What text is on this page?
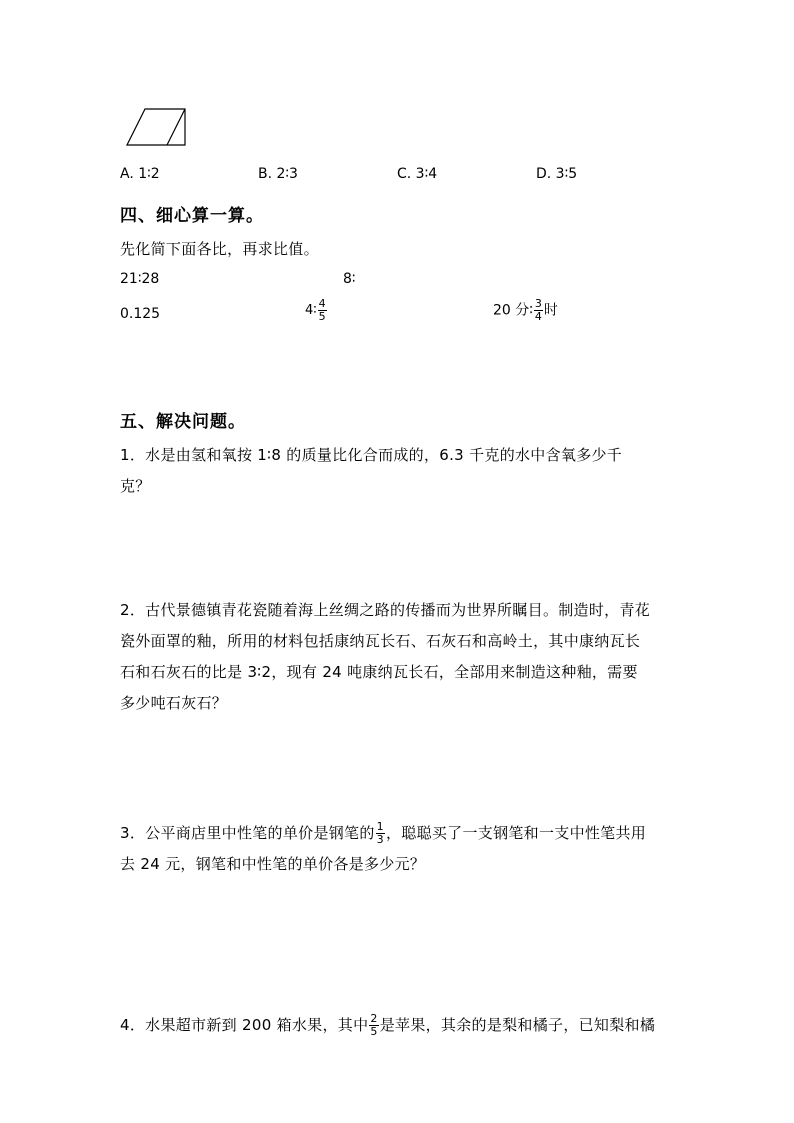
A. 1∶2	B. 2∶3	C. 3∶4	D. 3∶5
四、细心算一算。
先化简下面各比，再求比值。
21∶28	8∶
0.125	4∶ $\frac{4}{5}$	20 分∶ $\frac{3}{4}$ 时
五、解决问题。
1．水是由氢和氧按 1∶8 的质量比化合而成的，6.3 千克的水中含氧多少千
克？
2．古代景德镇青花瓷随着海上丝绸之路的传播而为世界所瞩目。制造时，青花
瓷外面罩的釉，所用的材料包括康纳瓦长石、石灰石和高岭土，其中康纳瓦长
石和石灰石的比是 3∶2，现有 24 吨康纳瓦长石，全部用来制造这种釉，需要
多少吨石灰石？
3．公平商店里中性笔的单价是钢笔的 $\frac{1}{3}$ ，聪聪买了一支钢笔和一支中性笔共用
去 24 元，钢笔和中性笔的单价各是多少元？
4．水果超市新到 200 箱水果，其中 $\frac{2}{5}$ 是苹果，其余的是梨和橘子，已知梨和橘
